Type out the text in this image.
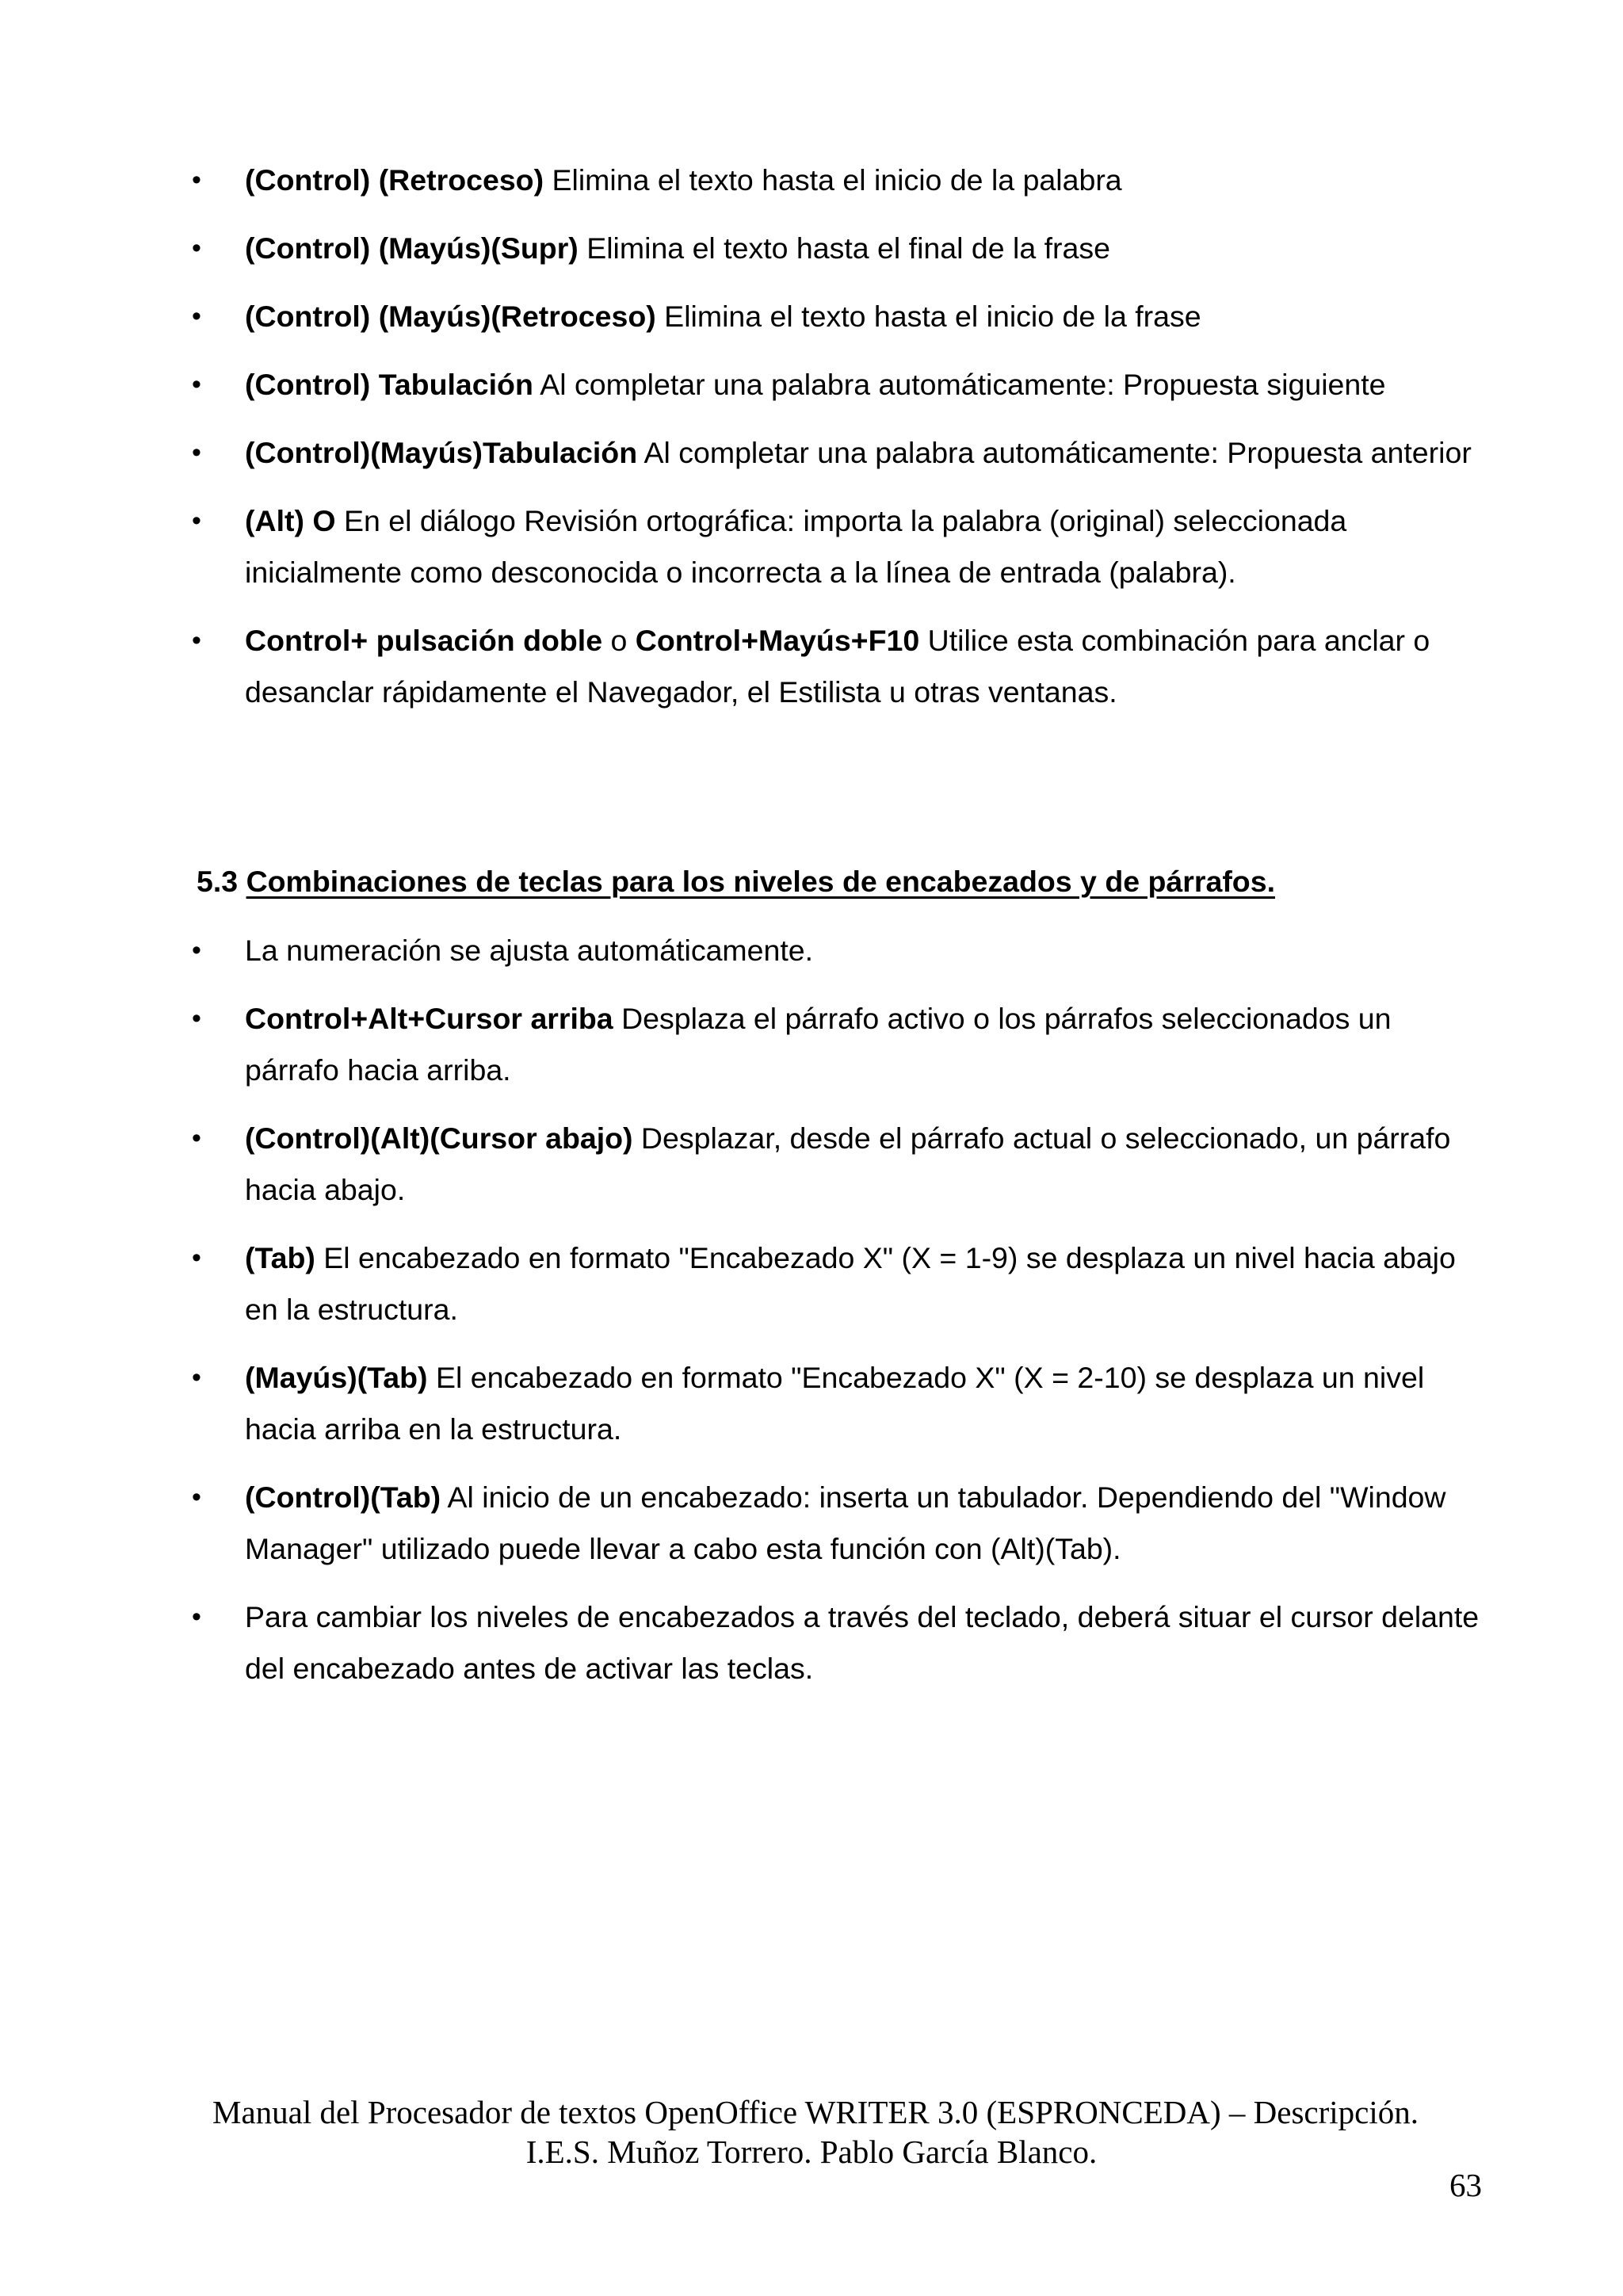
• (Control) (Retroceso) Elimina el texto hasta el inicio de la palabra
• (Control) (Mayús)(Supr) Elimina el texto hasta el final de la frase
• (Control) (Mayús)(Retroceso) Elimina el texto hasta el inicio de la frase
• (Control) Tabulación Al completar una palabra automáticamente: Propuesta siguiente
• (Control)(Mayús)Tabulación Al completar una palabra automáticamente: Propuesta anterior
• (Alt) O En el diálogo Revisión ortográfica: importa la palabra (original) seleccionada inicialmente como desconocida o incorrecta a la línea de entrada (palabra).
• Control+ pulsación doble o Control+Mayús+F10 Utilice esta combinación para anclar o desanclar rápidamente el Navegador, el Estilista u otras ventanas.
5.3 Combinaciones de teclas para los niveles de encabezados y de párrafos.
• La numeración se ajusta automáticamente.
• Control+Alt+Cursor arriba Desplaza el párrafo activo o los párrafos seleccionados un párrafo hacia arriba.
• (Control)(Alt)(Cursor abajo) Desplazar, desde el párrafo actual o seleccionado, un párrafo hacia abajo.
• (Tab) El encabezado en formato "Encabezado X" (X = 1-9) se desplaza un nivel hacia abajo en la estructura.
• (Mayús)(Tab) El encabezado en formato "Encabezado X" (X = 2-10) se desplaza un nivel hacia arriba en la estructura.
• (Control)(Tab) Al inicio de un encabezado: inserta un tabulador. Dependiendo del "Window Manager" utilizado puede llevar a cabo esta función con (Alt)(Tab).
• Para cambiar los niveles de encabezados a través del teclado, deberá situar el cursor delante del encabezado antes de activar las teclas.
Manual del Procesador de textos OpenOffice WRITER 3.0 (ESPRONCEDA) – Descripción.
I.E.S. Muñoz Torrero. Pablo García Blanco.
63
